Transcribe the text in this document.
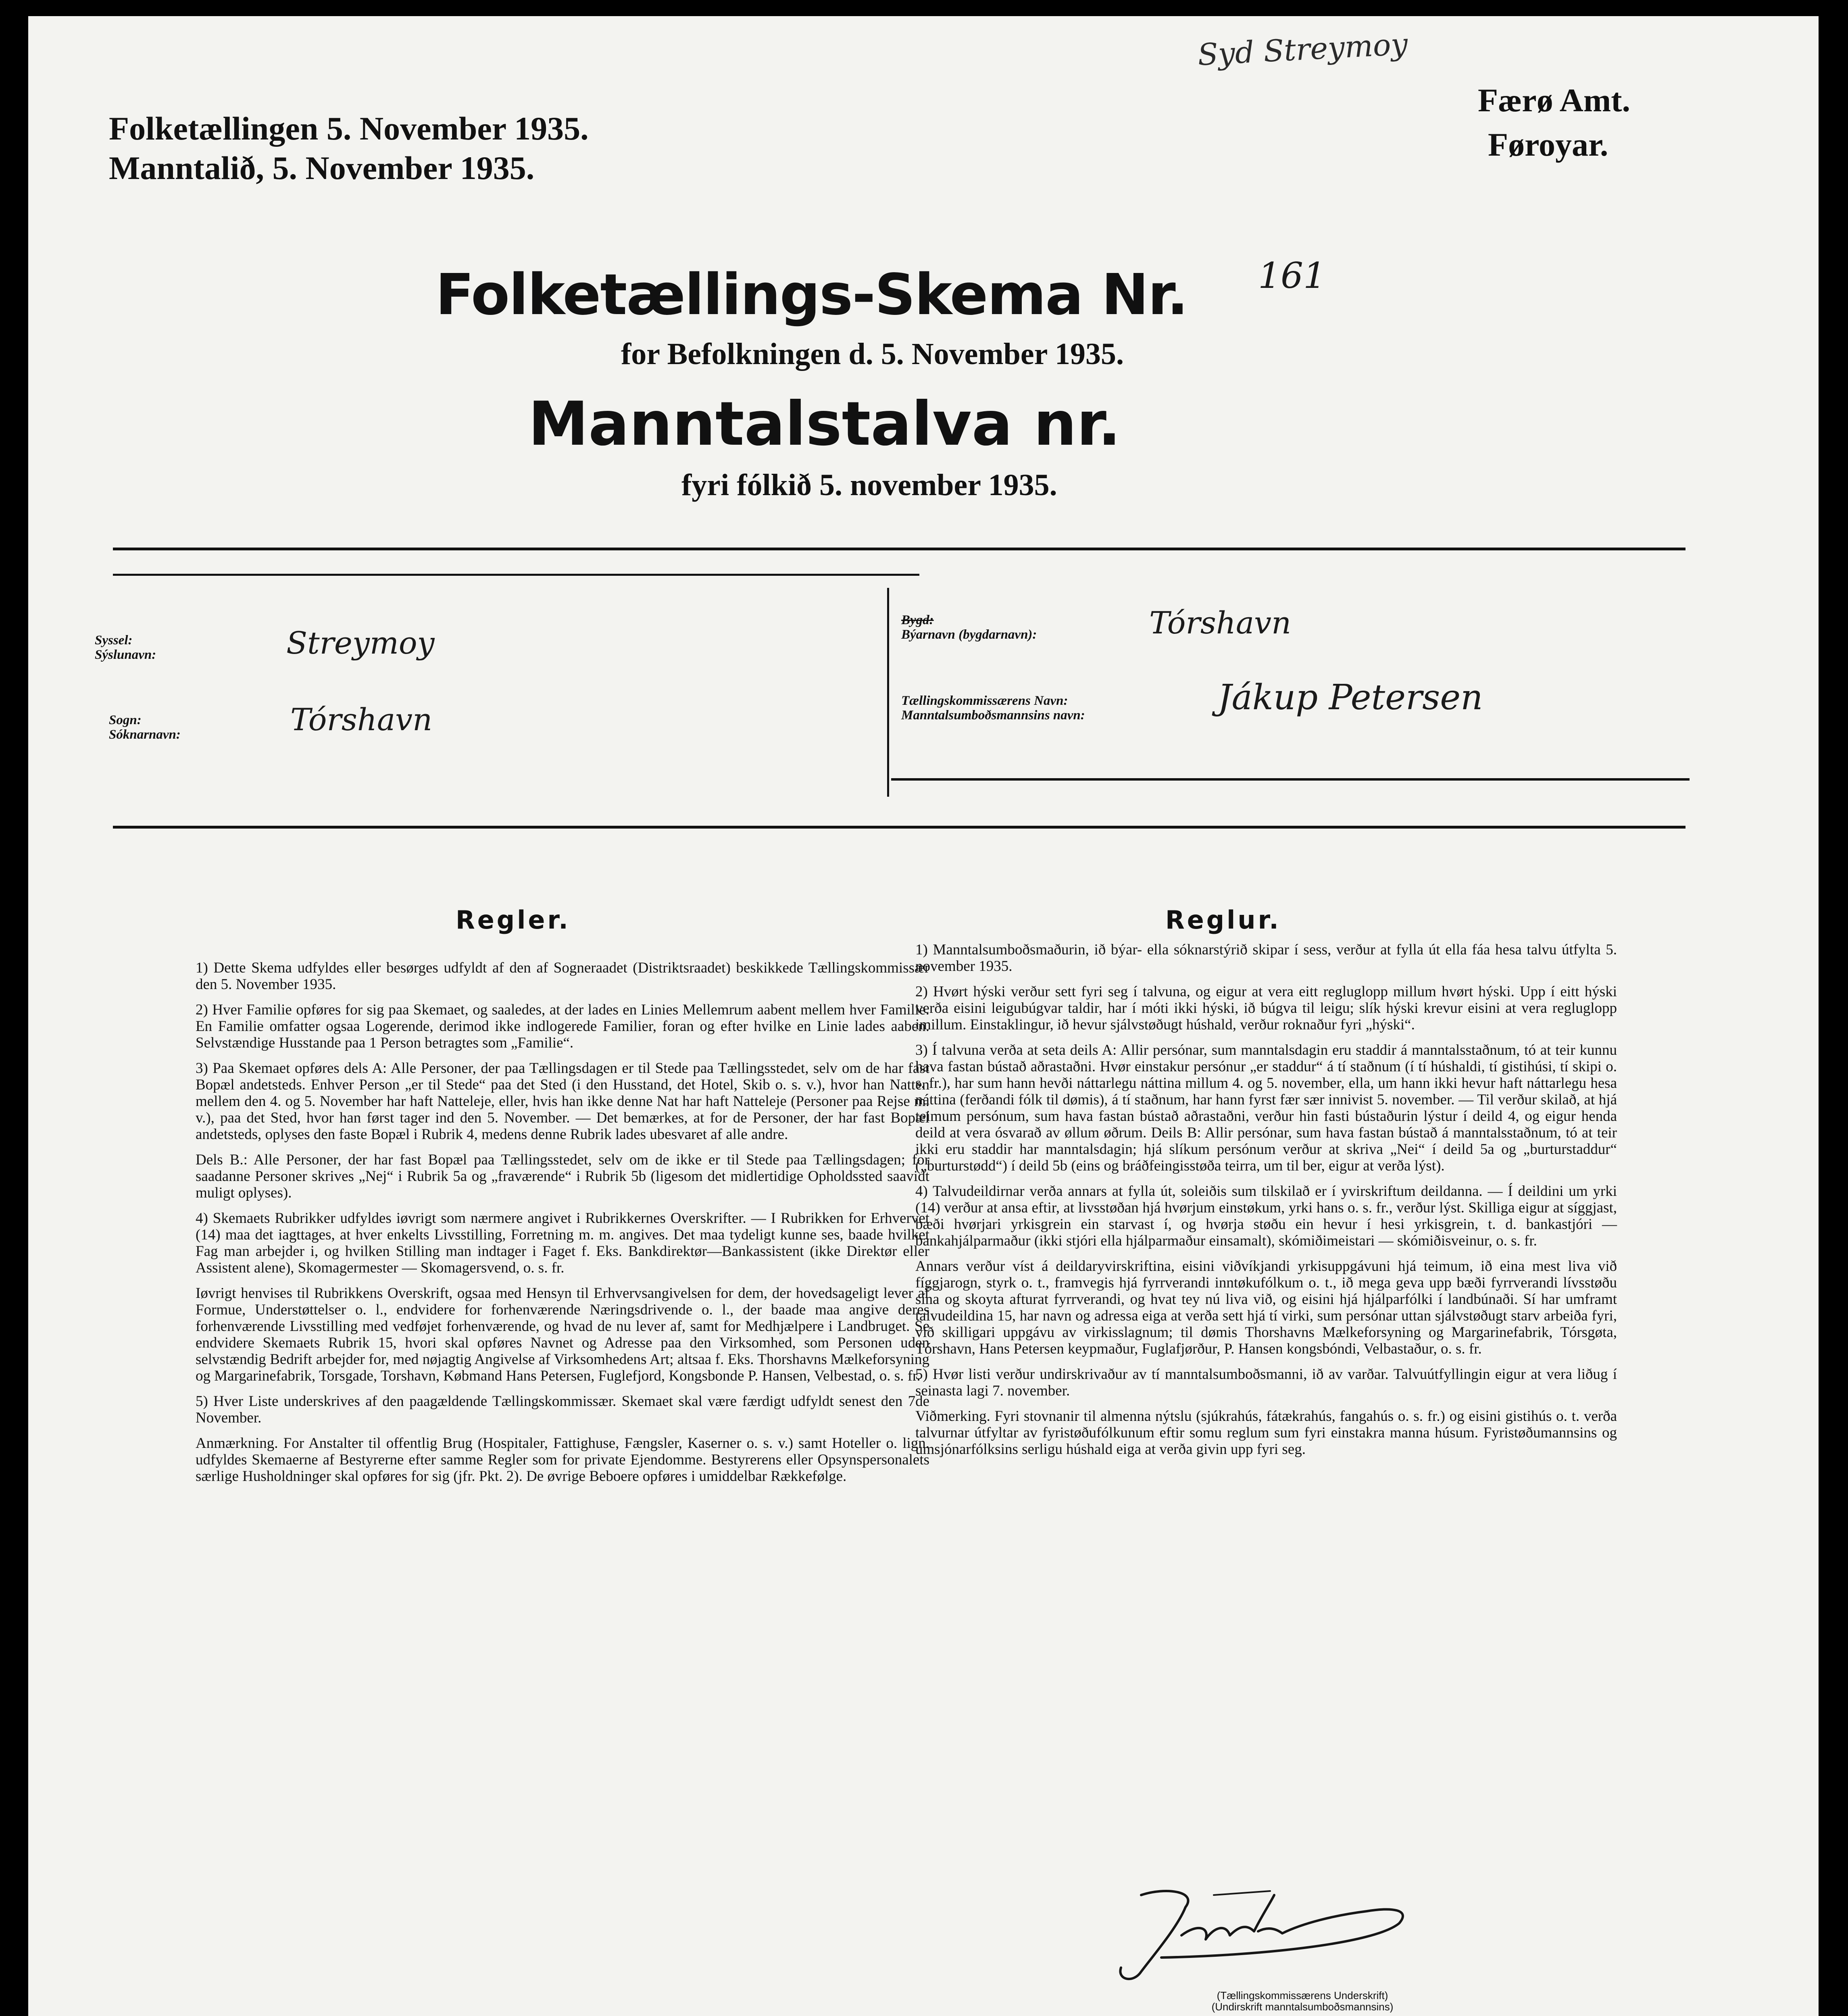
Syd Streymoy
Folketællingen 5. November 1935.
Manntalið, 5. November 1935.
Færø Amt.
Føroyar.
Folketællings-Skema Nr. 161
for Befolkningen d. 5. November 1935.
Manntalstalva nr.
fyri fólkið 5. november 1935.
Syssel:
Sýslunavn:	Streymoy
Sogn:
Sóknarnavn:	Tórshavn
Bygd:
Býarnavn (bygdarnavn):	Tórshavn
Tællingskommissærens Navn:
Manntalsumboðsmannsins navn:	Jákup Petersen
Regler.

1) Dette Skema udfyldes eller besørges udfyldt af den af Sogneraadet (Distriktsraadet) beskikkede Tællingskommissær den 5. November 1935.

2) Hver Familie opføres for sig paa Skemaet, og saaledes, at der lades en Linies Mellemrum aabent mellem hver Familie. En Familie omfatter ogsaa Logerende, derimod ikke indlogerede Familier, foran og efter hvilke en Linie lades aaben. Selvstændige Husstande paa 1 Person betragtes som „Familie“.

3) Paa Skemaet opføres dels A: Alle Personer, der paa Tællingsdagen er til Stede paa Tællingsstedet, selv om de har fast Bopæl andetsteds. Enhver Person „er til Stede“ paa det Sted (i den Husstand, det Hotel, Skib o. s. v.), hvor han Natten mellem den 4. og 5. November har haft Natteleje, eller, hvis han ikke denne Nat har haft Natteleje (Personer paa Rejse m. v.), paa det Sted, hvor han først tager ind den 5. November. — Det bemærkes, at for de Personer, der har fast Bopæl andetsteds, oplyses den faste Bopæl i Rubrik 4, medens denne Rubrik lades ubesvaret af alle andre.

Dels B.: Alle Personer, der har fast Bopæl paa Tællingsstedet, selv om de ikke er til Stede paa Tællingsdagen; for saadanne Personer skrives „Nej“ i Rubrik 5a og „fraværende“ i Rubrik 5b (ligesom det midlertidige Opholdssted saavidt muligt oplyses).

4) Skemaets Rubrikker udfyldes iøvrigt som nærmere angivet i Rubrikkernes Overskrifter. — I Rubrikken for Erhvervet (14) maa det iagttages, at hver enkelts Livsstilling, Forretning m. m. angives. Det maa tydeligt kunne ses, baade hvilket Fag man arbejder i, og hvilken Stilling man indtager i Faget f. Eks. Bankdirektør—Bankassistent (ikke Direktør eller Assistent alene), Skomagermester — Skomagersvend, o. s. fr.

Iøvrigt henvises til Rubrikkens Overskrift, ogsaa med Hensyn til Erhvervsangivelsen for dem, der hovedsageligt lever af Formue, Understøttelser o. l., endvidere for forhenværende Næringsdrivende o. l., der baade maa angive deres forhenværende Livsstilling med vedføjet forhenværende, og hvad de nu lever af, samt for Medhjælpere i Landbruget. Se endvidere Skemaets Rubrik 15, hvori skal opføres Navnet og Adresse paa den Virksomhed, som Personen uden selvstændig Bedrift arbejder for, med nøjagtig Angivelse af Virksomhedens Art; altsaa f. Eks. Thorshavns Mælkeforsyning og Margarinefabrik, Torsgade, Torshavn, Købmand Hans Petersen, Fuglefjord, Kongsbonde P. Hansen, Velbestad, o. s. fr.

5) Hver Liste underskrives af den paagældende Tællingskommissær. Skemaet skal være færdigt udfyldt senest den 7de November.

Anmærkning. For Anstalter til offentlig Brug (Hospitaler, Fattighuse, Fængsler, Kaserner o. s. v.) samt Hoteller o. lign. udfyldes Skemaerne af Bestyrerne efter samme Regler som for private Ejendomme. Bestyrerens eller Opsynspersonalets særlige Husholdninger skal opføres for sig (jfr. Pkt. 2). De øvrige Beboere opføres i umiddelbar Rækkefølge.

Reglur.

1) Manntalsumboðsmaðurin, ið býar- ella sóknarstýrið skipar í sess, verður at fylla út ella fáa hesa talvu útfylta 5. november 1935.

2) Hvørt hýski verður sett fyri seg í talvuna, og eigur at vera eitt regluglopp millum hvørt hýski. Upp í eitt hýski verða eisini leigubúgvar taldir, har í móti ikki hýski, ið búgva til leigu; slík hýski krevur eisini at vera regluglopp imillum. Einstaklingur, ið hevur sjálvstøðugt húshald, verður roknaður fyri „hýski“.

3) Í talvuna verða at seta deils A: Allir persónar, sum manntalsdagin eru staddir á manntalsstaðnum, tó at teir kunnu hava fastan bústað aðrastaðni. Hvør einstakur persónur „er staddur“ á tí staðnum (í tí húshaldi, tí gistihúsi, tí skipi o. s. fr.), har sum hann hevði náttarlegu náttina millum 4. og 5. november, ella, um hann ikki hevur haft náttarlegu hesa náttina (ferðandi fólk til dømis), á tí staðnum, har hann fyrst fær sær innivist 5. november. — Til verður skilað, at hjá teimum persónum, sum hava fastan bústað aðrastaðni, verður hin fasti bústaðurin lýstur í deild 4, og eigur henda deild at vera ósvarað av øllum øðrum. Deils B: Allir persónar, sum hava fastan bústað á manntalsstaðnum, tó at teir ikki eru staddir har manntalsdagin; hjá slíkum persónum verður at skriva „Nei“ í deild 5a og „burturstaddur“ („burturstødd“) í deild 5b (eins og bráðfeingisstøða teirra, um til ber, eigur at verða lýst).

4) Talvudeildirnar verða annars at fylla út, soleiðis sum tilskilað er í yvirskriftum deildanna. — Í deildini um yrki (14) verður at ansa eftir, at livsstøðan hjá hvørjum einstøkum, yrki hans o. s. fr., verður lýst. Skilliga eigur at síggjast, bæði hvørjari yrkisgrein ein starvast í, og hvørja støðu ein hevur í hesi yrkisgrein, t. d. bankastjóri — bankahjálparmaður (ikki stjóri ella hjálparmaður einsamalt), skómiðimeistari — skómiðisveinur, o. s. fr.

Annars verður víst á deildaryvirskriftina, eisini viðvíkjandi yrkisuppgávuni hjá teimum, ið eina mest liva við fíggjarogn, styrk o. t., framvegis hjá fyrrverandi inntøkufólkum o. t., ið mega geva upp bæði fyrrverandi lívsstøðu sína og skoyta afturat fyrrverandi, og hvat tey nú liva við, og eisini hjá hjálparfólki í landbúnaði. Sí har umframt talvudeildina 15, har navn og adressa eiga at verða sett hjá tí virki, sum persónar uttan sjálvstøðugt starv arbeiða fyri, við skilligari uppgávu av virkisslagnum; til dømis Thorshavns Mælkeforsyning og Margarinefabrik, Tórsgøta, Tórshavn, Hans Petersen keypmaður, Fuglafjørður, P. Hansen kongsbóndi, Velbastaður, o. s. fr.

5) Hvør listi verður undirskrivaður av tí manntalsumboðsmanni, ið av varðar. Talvuútfyllingin eigur at vera liðug í seinasta lagi 7. november.

Viðmerking. Fyri stovnanir til almenna nýtslu (sjúkrahús, fátækrahús, fangahús o. s. fr.) og eisini gistihús o. t. verða talvurnar útfyltar av fyristøðufólkunum eftir somu reglum sum fyri einstakra manna húsum. Fyristøðumannsins og umsjónarfólksins serligu húshald eiga at verða givin upp fyri seg.

(Tællingskommissærens Underskrift)
(Undirskrift manntalsumboðsmannsins)
